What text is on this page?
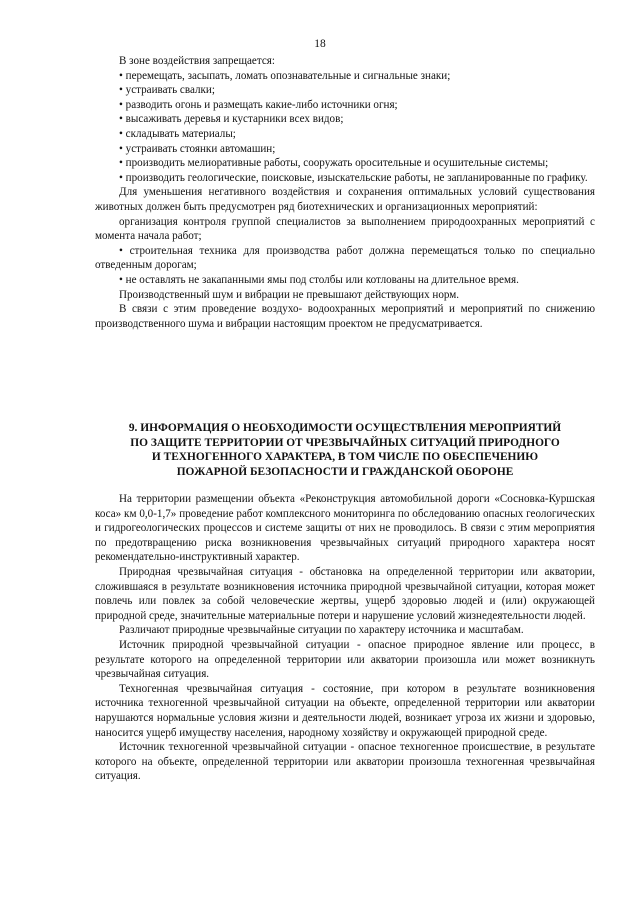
18

В зоне воздействия запрещается:

• перемещать, засыпать, ломать опознавательные и сигнальные знаки;

• устраивать свалки;

• разводить огонь и размещать какие-либо источники огня;

• высаживать деревья и кустарники всех видов;

• складывать материалы;

• устраивать стоянки автомашин;

• производить мелиоративные работы, сооружать оросительные и осушительные системы;

• производить геологические, поисковые, изыскательские работы, не запланированные по графику.

Для уменьшения негативного воздействия и сохранения оптимальных условий существования животных должен быть предусмотрен ряд биотехнических и организационных мероприятий:

организация контроля группой специалистов за выполнением природоохранных мероприятий с момента начала работ;

• строительная техника для производства работ должна перемещаться только по специально отведенным дорогам;

• не оставлять не закапанными ямы под столбы или котлованы на длительное время.

Производственный шум и вибрации не превышают действующих норм.

В связи с этим проведение воздухо- водоохранных мероприятий и мероприятий по снижению производственного шума и вибрации настоящим проектом не предусматривается.

9. ИНФОРМАЦИЯ О НЕОБХОДИМОСТИ ОСУЩЕСТВЛЕНИЯ МЕРОПРИЯТИЙ
ПО ЗАЩИТЕ ТЕРРИТОРИИ ОТ ЧРЕЗВЫЧАЙНЫХ СИТУАЦИЙ ПРИРОДНОГО
И ТЕХНОГЕННОГО ХАРАКТЕРА, В ТОМ ЧИСЛЕ ПО ОБЕСПЕЧЕНИЮ
ПОЖАРНОЙ БЕЗОПАСНОСТИ И ГРАЖДАНСКОЙ ОБОРОНЕ

На территории размещении объекта «Реконструкция автомобильной дороги «Сосновка-Куршская коса» км 0,0-1,7» проведение работ комплексного мониторинга по обследованию опасных геологических и гидрогеологических процессов и системе защиты от них не проводилось. В связи с этим мероприятия по предотвращению риска возникновения чрезвычайных ситуаций природного характера носят рекомендательно-инструктивный характер.

Природная чрезвычайная ситуация - обстановка на определенной территории или акватории, сложившаяся в результате возникновения источника природной чрезвычайной ситуации, которая может повлечь или повлек за собой человеческие жертвы, ущерб здоровью людей и (или) окружающей природной среде, значительные материальные потери и нарушение условий жизнедеятельности людей.

Различают природные чрезвычайные ситуации по характеру источника и масштабам.

Источник природной чрезвычайной ситуации - опасное природное явление или процесс, в результате которого на определенной территории или акватории произошла или может возникнуть чрезвычайная ситуация.

Техногенная чрезвычайная ситуация - состояние, при котором в результате возникновения источника техногенной чрезвычайной ситуации на объекте, определенной территории или акватории нарушаются нормальные условия жизни и деятельности людей, возникает угроза их жизни и здоровью, наносится ущерб имуществу населения, народному хозяйству и окружающей природной среде.

Источник техногенной чрезвычайной ситуации - опасное техногенное происшествие, в результате которого на объекте, определенной территории или акватории произошла техногенная чрезвычайная ситуация.
